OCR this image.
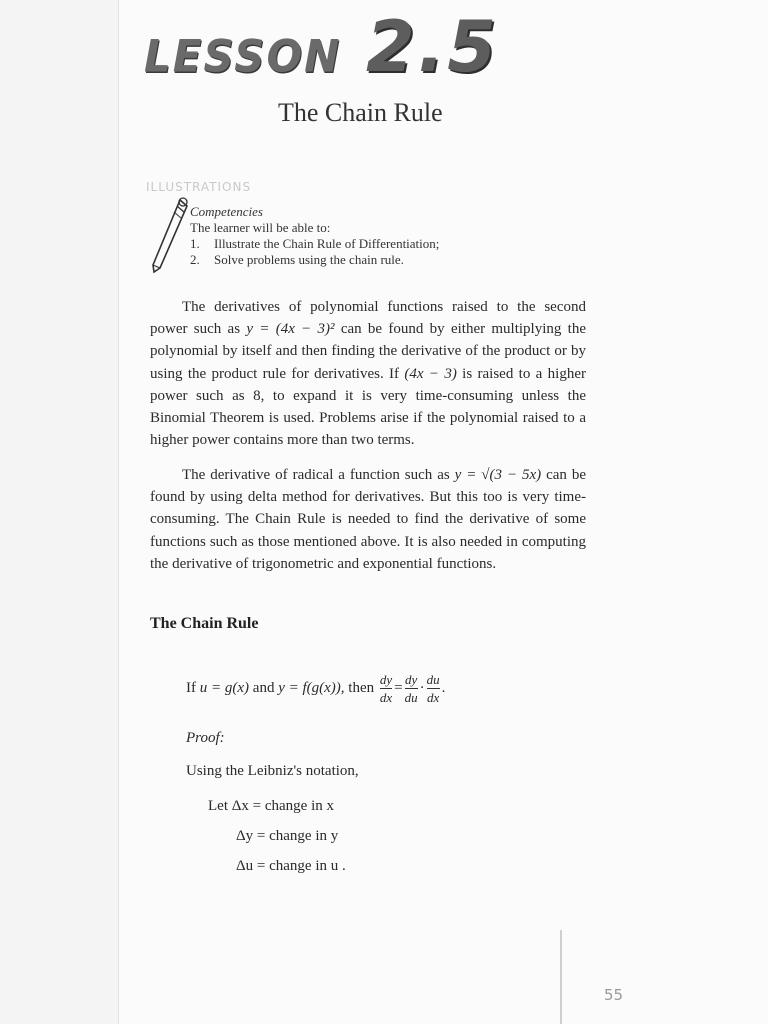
LESSON 2.5
The Chain Rule
ILLUSTRATIONS
Competencies
The learner will be able to:
1.	Illustrate the Chain Rule of Differentiation;
2.	Solve problems using the chain rule.
The derivatives of polynomial functions raised to the second power such as y = (4x − 3)² can be found by either multiplying the polynomial by itself and then finding the derivative of the product or by using the product rule for derivatives. If (4x − 3) is raised to a higher power such as 8, to expand it is very time-consuming unless the Binomial Theorem is used. Problems arise if the polynomial raised to a higher power contains more than two terms.
The derivative of radical a function such as y = √(3 − 5x) can be found by using delta method for derivatives. But this too is very time-consuming. The Chain Rule is needed to find the derivative of some functions such as those mentioned above. It is also needed in computing the derivative of trigonometric and exponential functions.
The Chain Rule
If
u = g(x)
and
y = f(g(x)),
then
$\frac{dy}{dx} = \frac{dy}{du} \cdot \frac{du}{dx}$ .
Proof:
Using the Leibniz's notation,
Let Δx = change in x
Δy = change in y
Δu = change in u .
55
